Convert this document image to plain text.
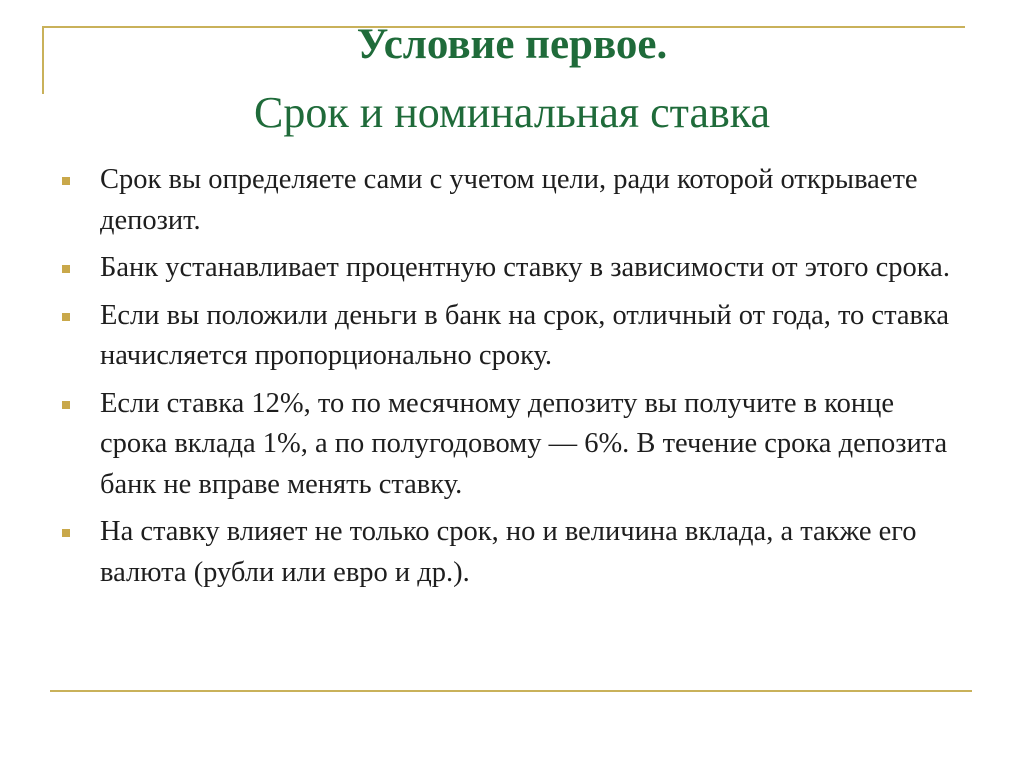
Условие первое.
Срок и номинальная ставка
Срок вы определяете сами с учетом цели, ради которой открываете депозит.
Банк устанавливает процентную ставку в зависимости от этого срока.
Если вы положили деньги в банк на срок, отличный от года, то ставка начисляется пропорционально сроку.
Если ставка 12%, то по месячному депозиту вы получите в конце срока вклада 1%, а по полугодовому — 6%. В течение срока депозита банк не вправе менять ставку.
На ставку влияет не только срок, но и величина вклада, а также его валюта (рубли или евро и др.).
